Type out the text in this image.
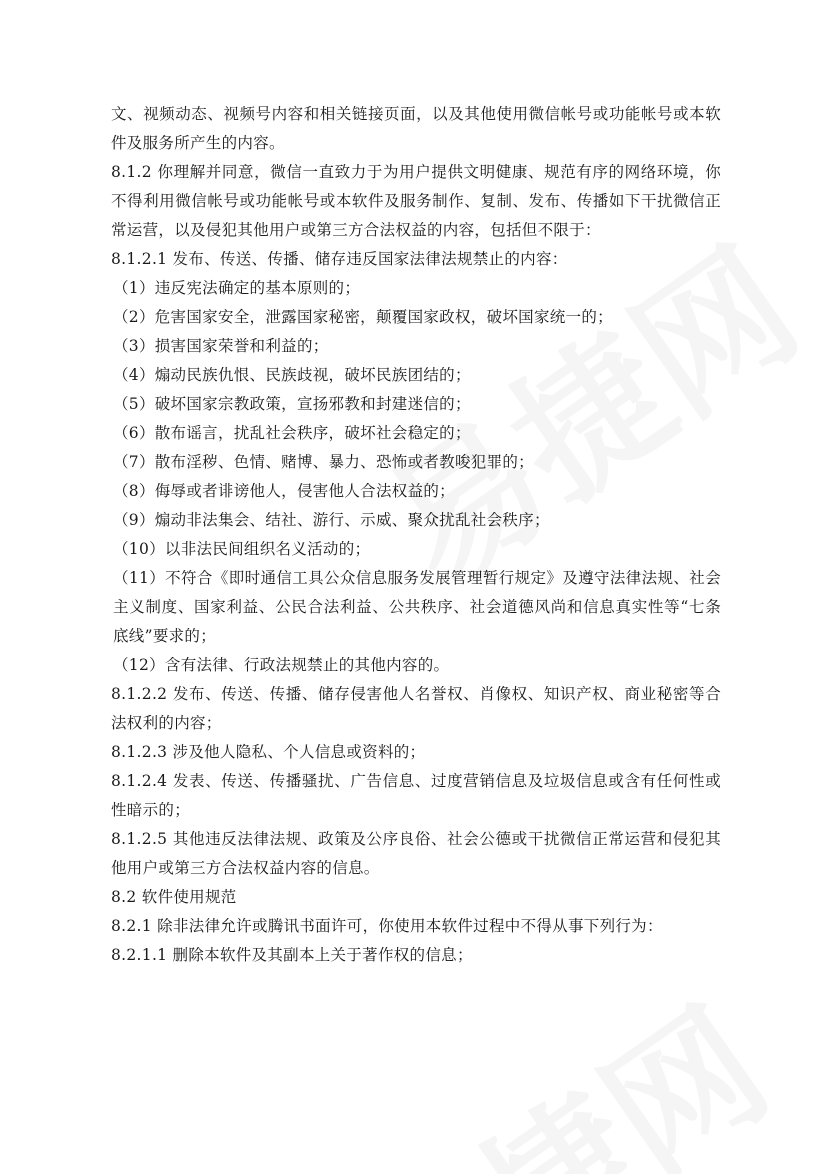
文、视频动态、视频号内容和相关链接页面，以及其他使用微信帐号或功能帐号或本软件及服务所产生的内容。

8.1.2 你理解并同意，微信一直致力于为用户提供文明健康、规范有序的网络环境，你不得利用微信帐号或功能帐号或本软件及服务制作、复制、发布、传播如下干扰微信正常运营，以及侵犯其他用户或第三方合法权益的内容，包括但不限于：

8.1.2.1 发布、传送、传播、储存违反国家法律法规禁止的内容：

（1）违反宪法确定的基本原则的；

（2）危害国家安全，泄露国家秘密，颠覆国家政权，破坏国家统一的；

（3）损害国家荣誉和利益的；

（4）煽动民族仇恨、民族歧视，破坏民族团结的；

（5）破坏国家宗教政策，宣扬邪教和封建迷信的；

（6）散布谣言，扰乱社会秩序，破坏社会稳定的；

（7）散布淫秽、色情、赌博、暴力、恐怖或者教唆犯罪的；

（8）侮辱或者诽谤他人，侵害他人合法权益的；

（9）煽动非法集会、结社、游行、示威、聚众扰乱社会秩序；

（10）以非法民间组织名义活动的；

（11）不符合《即时通信工具公众信息服务发展管理暂行规定》及遵守法律法规、社会主义制度、国家利益、公民合法利益、公共秩序、社会道德风尚和信息真实性等“七条底线”要求的；

（12）含有法律、行政法规禁止的其他内容的。

8.1.2.2 发布、传送、传播、储存侵害他人名誉权、肖像权、知识产权、商业秘密等合法权利的内容；

8.1.2.3 涉及他人隐私、个人信息或资料的；

8.1.2.4 发表、传送、传播骚扰、广告信息、过度营销信息及垃圾信息或含有任何性或性暗示的；

8.1.2.5 其他违反法律法规、政策及公序良俗、社会公德或干扰微信正常运营和侵犯其他用户或第三方合法权益内容的信息。

8.2 软件使用规范

8.2.1 除非法律允许或腾讯书面许可，你使用本软件过程中不得从事下列行为：

8.2.1.1 删除本软件及其副本上关于著作权的信息；
